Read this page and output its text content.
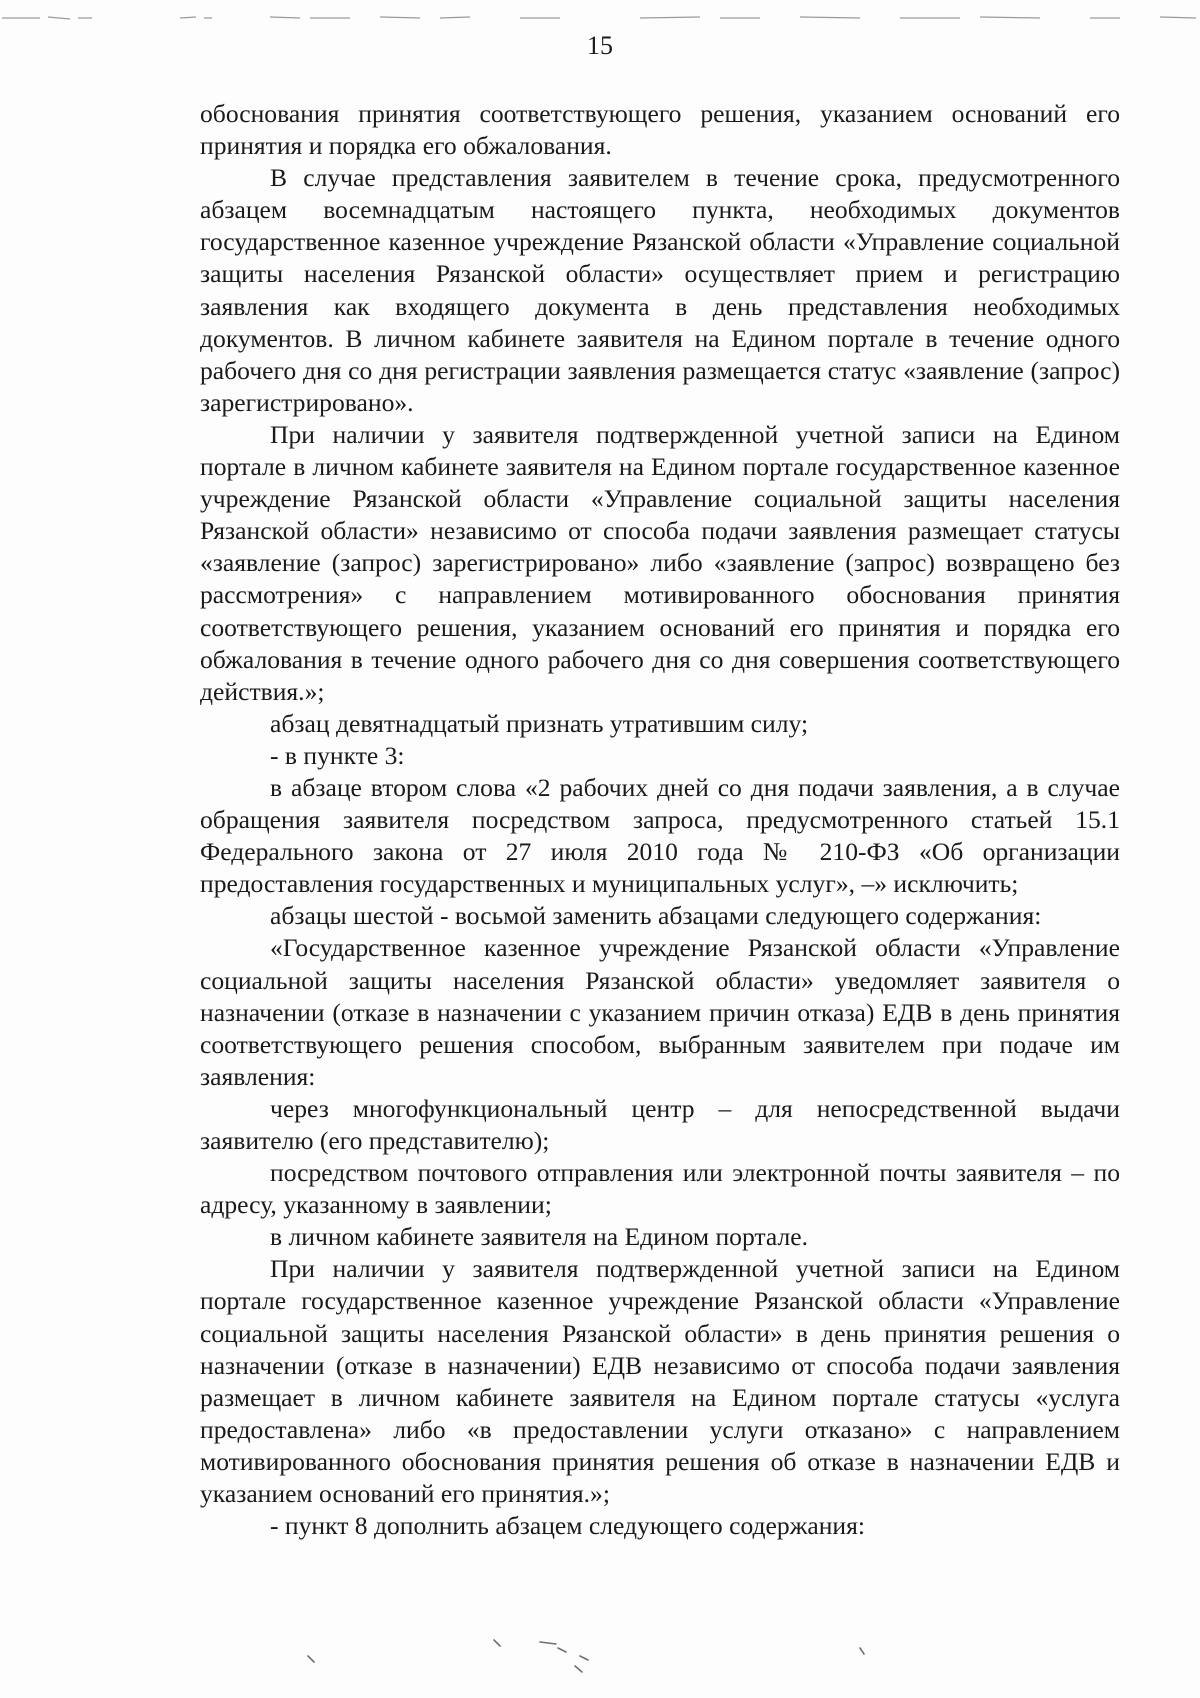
15

обоснования принятия соответствующего решения, указанием оснований его принятия и порядка его обжалования.

В случае представления заявителем в течение срока, предусмотренного абзацем восемнадцатым настоящего пункта, необходимых документов государственное казенное учреждение Рязанской области «Управление социальной защиты населения Рязанской области» осуществляет прием и регистрацию заявления как входящего документа в день представления необходимых документов. В личном кабинете заявителя на Едином портале в течение одного рабочего дня со дня регистрации заявления размещается статус «заявление (запрос) зарегистрировано».

При наличии у заявителя подтвержденной учетной записи на Едином портале в личном кабинете заявителя на Едином портале государственное казенное учреждение Рязанской области «Управление социальной защиты населения Рязанской области» независимо от способа подачи заявления размещает статусы «заявление (запрос) зарегистрировано» либо «заявление (запрос) возвращено без рассмотрения» с направлением мотивированного обоснования принятия соответствующего решения, указанием оснований его принятия и порядка его обжалования в течение одного рабочего дня со дня совершения соответствующего действия.»;

абзац девятнадцатый признать утратившим силу;

- в пункте 3:

в абзаце втором слова «2 рабочих дней со дня подачи заявления, а в случае обращения заявителя посредством запроса, предусмотренного статьей 15.1 Федерального закона от 27 июля 2010 года № 210-ФЗ «Об организации предоставления государственных и муниципальных услуг», –» исключить;

абзацы шестой - восьмой заменить абзацами следующего содержания:

«Государственное казенное учреждение Рязанской области «Управление социальной защиты населения Рязанской области» уведомляет заявителя о назначении (отказе в назначении с указанием причин отказа) ЕДВ в день принятия соответствующего решения способом, выбранным заявителем при подаче им заявления:

через многофункциональный центр – для непосредственной выдачи заявителю (его представителю);

посредством почтового отправления или электронной почты заявителя – по адресу, указанному в заявлении;

в личном кабинете заявителя на Едином портале.

При наличии у заявителя подтвержденной учетной записи на Едином портале государственное казенное учреждение Рязанской области «Управление социальной защиты населения Рязанской области» в день принятия решения о назначении (отказе в назначении) ЕДВ независимо от способа подачи заявления размещает в личном кабинете заявителя на Едином портале статусы «услуга предоставлена» либо «в предоставлении услуги отказано» с направлением мотивированного обоснования принятия решения об отказе в назначении ЕДВ и указанием оснований его принятия.»;

- пункт 8 дополнить абзацем следующего содержания:
